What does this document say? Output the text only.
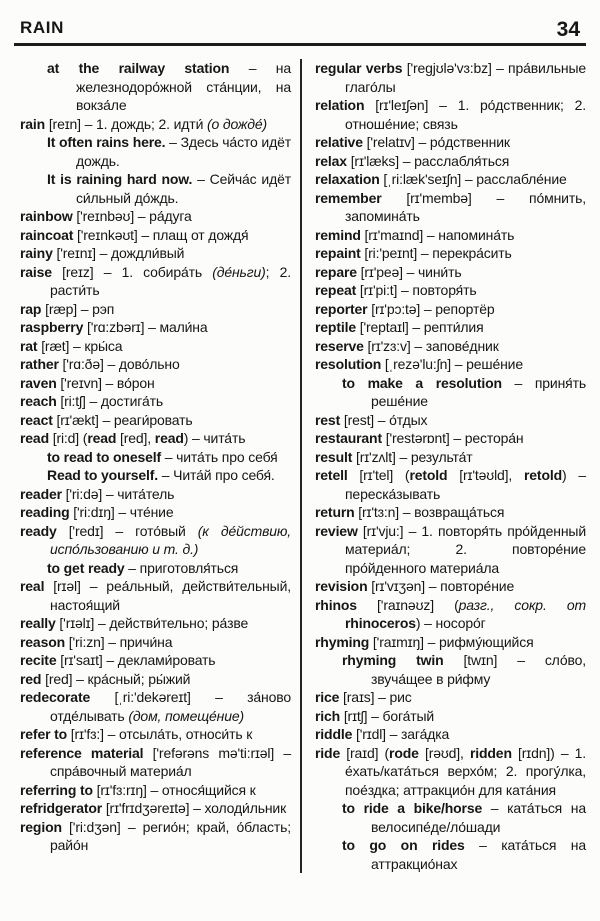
RAIN	34
at the railway station – на железнодоро́жной ста́нции, на вокза́ле
rain [reɪn] – 1. дождь; 2. идти́ (о дожде́)
It often rains here. – Здесь ча́сто идёт дождь.
It is raining hard now. – Сейча́с идёт си́льный до́ждь.
rainbow ['reɪnbəʊ] – ра́дуга
raincoat ['reɪnkəʊt] – плащ от дождя́
rainy ['reɪnɪ] – дождли́вый
raise [reɪz] – 1. собира́ть (де́ньги); 2. расти́ть
rap [ræp] – рэп
raspberry ['rɑ:zbərɪ] – мали́на
rat [ræt] – кры́са
rather ['rɑ:ðə] – дово́льно
raven ['reɪvn] – во́рон
reach [ri:tʃ] – достига́ть
react [rɪ'ækt] – реаги́ровать
read [ri:d] (read [red], read) – чита́ть
to read to oneself – чита́ть про себя́
Read to yourself. – Чита́й про себя́.
reader ['ri:də] – чита́тель
reading ['ri:dɪŋ] – чте́ние
ready ['redɪ] – гото́вый (к де́йствию, испо́льзованию и т. д.)
to get ready – приготовля́ться
real [rɪəl] – реа́льный, действи́тельный, настоя́щий
really ['rɪəlɪ] – действи́тельно; ра́зве
reason ['ri:zn] – причи́на
recite [rɪ'saɪt] – деклами́ровать
red [red] – кра́сный; ры́жий
redecorate [ˌri:'dekəreɪt] – за́ново отде́лывать (дом, помеще́ние)
refer to [rɪ'fɜ:] – отсыла́ть, относи́ть к
reference material ['refərəns mə'ti:rɪəl] – спра́вочный материа́л
referring to [rɪ'fɜ:rɪŋ] – относя́щийся к
refridgerator [rɪ'frɪdʒəreɪtə] – холоди́льник
region ['ri:dʒən] – регио́н; край, о́бласть; райо́н
regular verbs ['regjʊlə'vɜ:bz] – пра́вильные глаго́лы
relation [rɪ'leɪʃən] – 1. ро́дственник; 2. отноше́ние; связь
relative ['relatɪv] – ро́дственник
relax [rɪ'læks] – расслабля́ться
relaxation [ˌri:læk'seɪʃn] – расслабле́ние
remember [rɪ'membə] – по́мнить, запомина́ть
remind [rɪ'maɪnd] – напомина́ть
repaint [ri:'peɪnt] – перекра́сить
repare [rɪ'peə] – чини́ть
repeat [rɪ'pi:t] – повторя́ть
reporter [rɪ'pɔ:tə] – репортёр
reptile ['reptaɪl] – репти́лия
reserve [rɪ'zɜ:v] – запове́дник
resolution [ˌrezə'lu:ʃn] – реше́ние
to make a resolution – приня́ть реше́ние
rest [rest] – о́тдых
restaurant ['restərɒnt] – рестора́н
result [rɪ'zʌlt] – результа́т
retell [rɪ'tel] (retold [rɪ'təʊld], retold) – переска́зывать
return [rɪ'tɜ:n] – возвраща́ться
review [rɪ'vju:] – 1. повторя́ть про́йденный материа́л; 2. повторе́ние про́йденного материа́ла
revision [rɪ'vɪʒən] – повторе́ние
rhinos ['raɪnəʊz] (разг., сокр. от rhinoceros) – носоро́г
rhyming ['raɪmɪŋ] – рифму́ющийся
rhyming twin [twɪn] – сло́во, звуча́щее в ри́фму
rice [raɪs] – рис
rich [rɪtʃ] – бога́тый
riddle ['rɪdl] – зага́дка
ride [raɪd] (rode [rəʊd], ridden [rɪdn]) – 1. е́хать/ката́ться верхо́м; 2. прогу́лка, пое́здка; аттракцио́н для ката́ния
to ride a bike/horse – ката́ться на велосипе́де/ло́шади
to go on rides – ката́ться на аттракцио́нах
